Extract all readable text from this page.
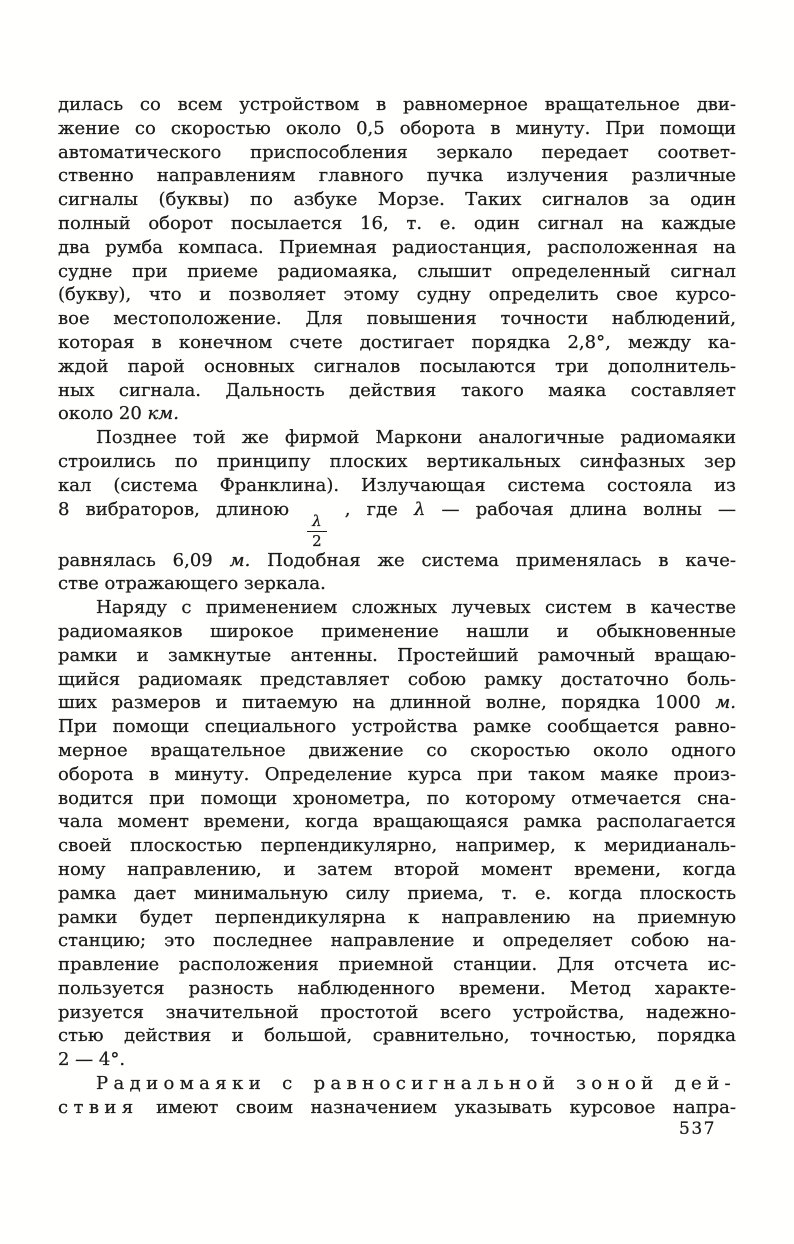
дилась со всем устройством в равномерное вращательное дви-
жение со скоростью около 0,5 оборота в минуту. При помощи
автоматического приспособления зеркало передает соответ-
ственно направлениям главного пучка излучения различные
сигналы (буквы) по азбуке Морзе. Таких сигналов за один
полный оборот посылается 16, т. е. один сигнал на каждые
два румба компаса. Приемная радиостанция, расположенная на
судне при приеме радиомаяка, слышит определенный сигнал
(букву), что и позволяет этому судну определить свое курсо-
вое местоположение. Для повышения точности наблюдений,
которая в конечном счете достигает порядка 2,8°, между ка-
ждой парой основных сигналов посылаются три дополнитель-
ных сигнала. Дальность действия такого маяка составляет
около 20 км.
Позднее той же фирмой Маркони аналогичные радиомаяки
строились по принципу плоских вертикальных синфазных зер
кал (система Франклина). Излучающая система состояла из
8 вибраторов, длиною
$\frac{\lambda}{2}$
, где λ — рабочая длина волны —
равнялась 6,09 м. Подобная же система применялась в каче-
стве отражающего зеркала.
Наряду с применением сложных лучевых систем в качестве
радиомаяков широкое применение нашли и обыкновенные
рамки и замкнутые антенны. Простейший рамочный вращаю-
щийся радиомаяк представляет собою рамку достаточно боль-
ших размеров и питаемую на длинной волне, порядка 1000 м.
При помощи специального устройства рамке сообщается равно-
мерное вращательное движение со скоростью около одного
оборота в минуту. Определение курса при таком маяке произ-
водится при помощи хронометра, по которому отмечается сна-
чала момент времени, когда вращающаяся рамка располагается
своей плоскостью перпендикулярно, например, к меридианаль-
ному направлению, и затем второй момент времени, когда
рамка дает минимальную силу приема, т. е. когда плоскость
рамки будет перпендикулярна к направлению на приемную
станцию; это последнее направление и определяет собою на-
правление расположения приемной станции. Для отсчета ис-
пользуется разность наблюденного времени. Метод характе-
ризуется значительной простотой всего устройства, надежно-
стью действия и большой, сравнительно, точностью, порядка
2 — 4°.
Радиомаяки с равносигнальной зоной дей-
ствия имеют своим назначением указывать курсовое напра-
537
